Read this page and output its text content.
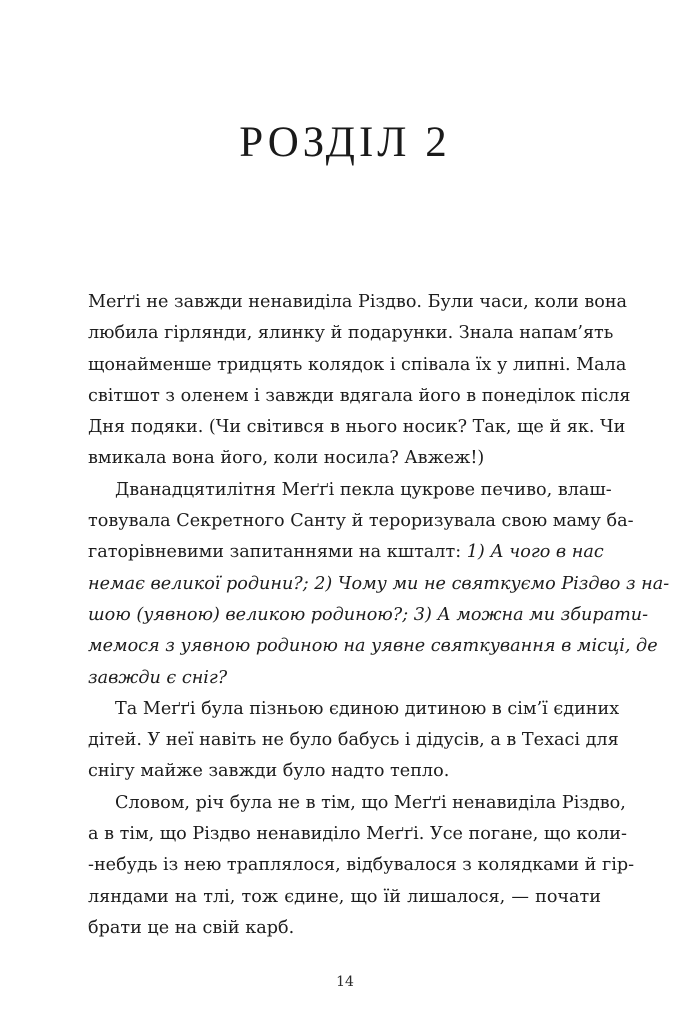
РОЗДІЛ 2
Меґґі не завжди ненавиділа Різдво. Були часи, коли вона
любила гірлянди, ялинку й подарунки. Знала напам’ять
щонайменше тридцять колядок і співала їх у липні. Мала
світшот з оленем і завжди вдягала його в понеділок після
Дня подяки. (Чи світився в нього носик? Так, ще й як. Чи
вмикала вона його, коли носила? Авжеж!)
Дванадцятилітня Меґґі пекла цукрове печиво, влаш-
товувала Секретного Санту й тероризувала свою маму ба-
гаторівневими запитаннями на кшталт: 1) А чого в нас
немає великої родини?; 2) Чому ми не святкуємо Різдво з на-
шою (уявною) великою родиною?; 3) А можна ми збирати-
мемося з уявною родиною на уявне святкування в місці, де
завжди є сніг?
Та Меґґі була пізньою єдиною дитиною в сім’ї єдиних
дітей. У неї навіть не було бабусь і дідусів, а в Техасі для
снігу майже завжди було надто тепло.
Словом, річ була не в тім, що Меґґі ненавиділа Різдво,
а в тім, що Різдво ненавиділо Меґґі. Усе погане, що коли-
-небудь із нею траплялося, відбувалося з колядками й гір-
ляндами на тлі, тож єдине, що їй лишалося, — почати
брати це на свій карб.
14
